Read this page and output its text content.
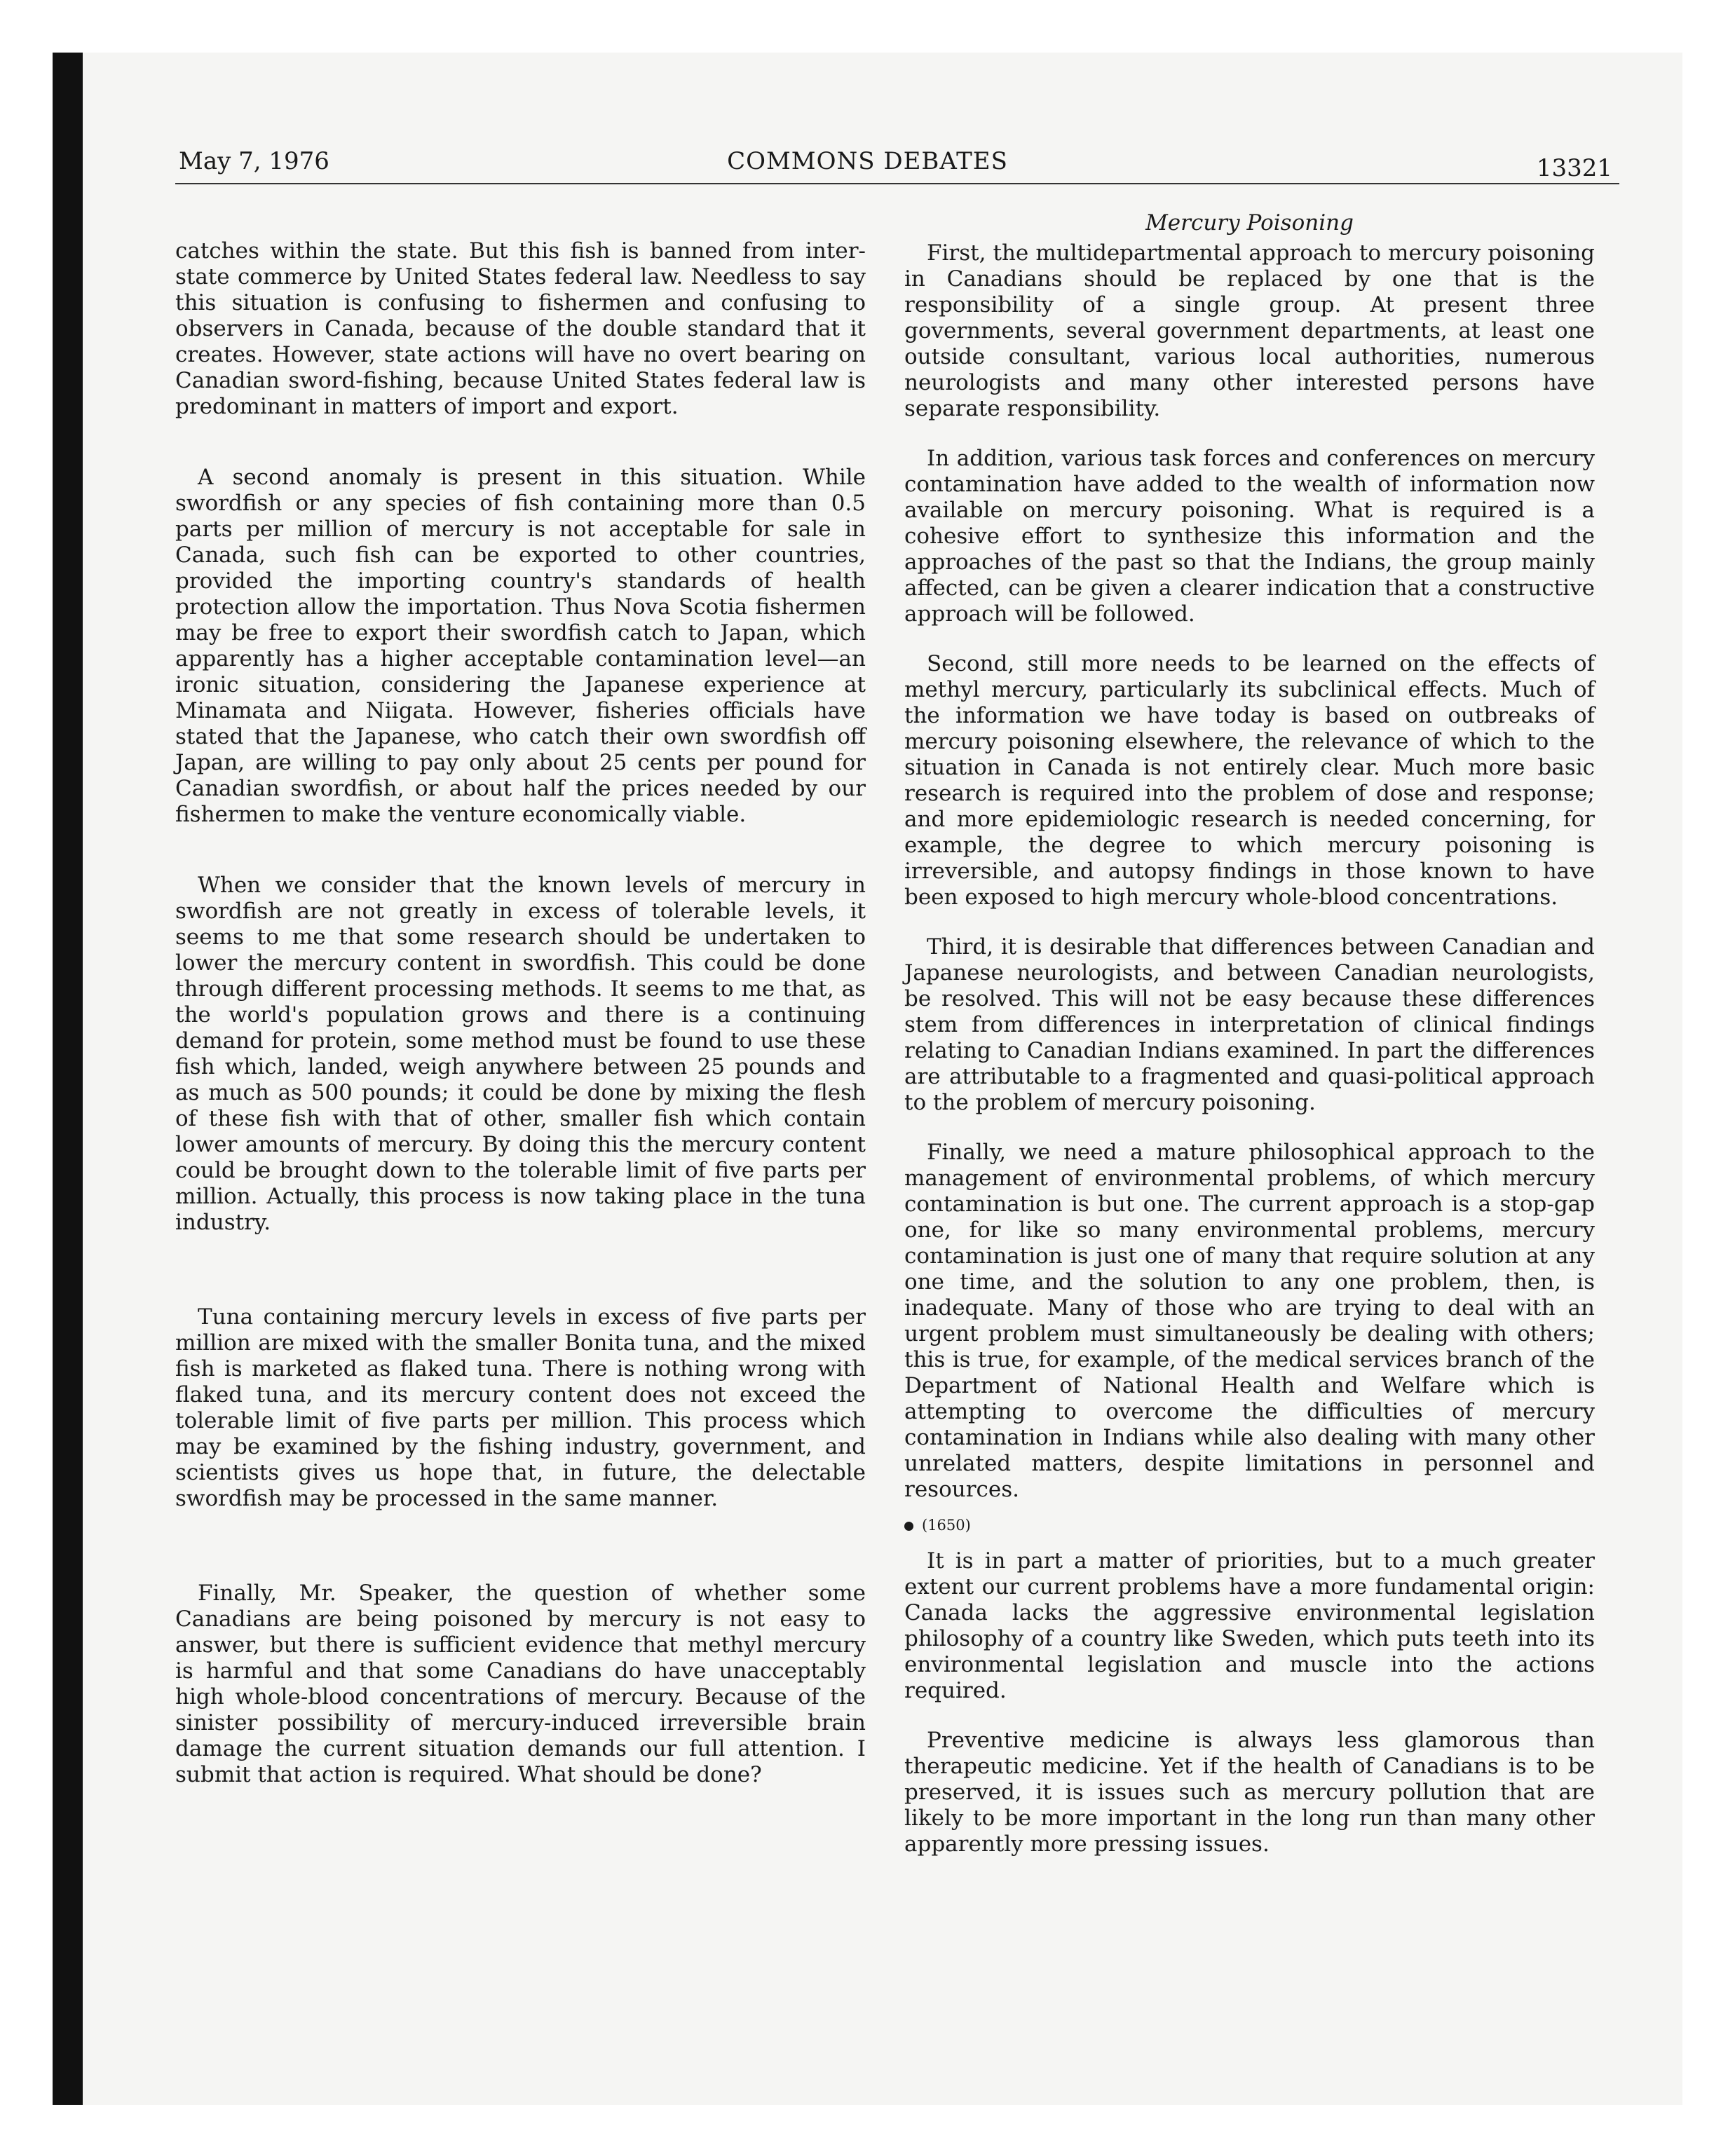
May 7, 1976	COMMONS DEBATES	13321

catches within the state. But this fish is banned from inter-state commerce by United States federal law. Needless to say this situation is confusing to fishermen and confusing to observers in Canada, because of the double standard that it creates. However, state actions will have no overt bearing on Canadian sword-fishing, because United States federal law is predominant in matters of import and export.

A second anomaly is present in this situation. While swordfish or any species of fish containing more than 0.5 parts per million of mercury is not acceptable for sale in Canada, such fish can be exported to other countries, provided the importing country's standards of health protection allow the importation. Thus Nova Scotia fishermen may be free to export their swordfish catch to Japan, which apparently has a higher acceptable contamination level—an ironic situation, considering the Japanese experience at Minamata and Niigata. However, fisheries officials have stated that the Japanese, who catch their own swordfish off Japan, are willing to pay only about 25 cents per pound for Canadian swordfish, or about half the prices needed by our fishermen to make the venture economically viable.

When we consider that the known levels of mercury in swordfish are not greatly in excess of tolerable levels, it seems to me that some research should be undertaken to lower the mercury content in swordfish. This could be done through different processing methods. It seems to me that, as the world's population grows and there is a continuing demand for protein, some method must be found to use these fish which, landed, weigh anywhere between 25 pounds and as much as 500 pounds; it could be done by mixing the flesh of these fish with that of other, smaller fish which contain lower amounts of mercury. By doing this the mercury content could be brought down to the tolerable limit of five parts per million. Actually, this process is now taking place in the tuna industry.

Tuna containing mercury levels in excess of five parts per million are mixed with the smaller Bonita tuna, and the mixed fish is marketed as flaked tuna. There is nothing wrong with flaked tuna, and its mercury content does not exceed the tolerable limit of five parts per million. This process which may be examined by the fishing industry, government, and scientists gives us hope that, in future, the delectable swordfish may be processed in the same manner.

Finally, Mr. Speaker, the question of whether some Canadians are being poisoned by mercury is not easy to answer, but there is sufficient evidence that methyl mercury is harmful and that some Canadians do have unacceptably high whole-blood concentrations of mercury. Because of the sinister possibility of mercury-induced irreversible brain damage the current situation demands our full attention. I submit that action is required. What should be done?

Mercury Poisoning

First, the multidepartmental approach to mercury poisoning in Canadians should be replaced by one that is the responsibility of a single group. At present three governments, several government departments, at least one outside consultant, various local authorities, numerous neurologists and many other interested persons have separate responsibility.

In addition, various task forces and conferences on mercury contamination have added to the wealth of information now available on mercury poisoning. What is required is a cohesive effort to synthesize this information and the approaches of the past so that the Indians, the group mainly affected, can be given a clearer indication that a constructive approach will be followed.

Second, still more needs to be learned on the effects of methyl mercury, particularly its subclinical effects. Much of the information we have today is based on outbreaks of mercury poisoning elsewhere, the relevance of which to the situation in Canada is not entirely clear. Much more basic research is required into the problem of dose and response; and more epidemiologic research is needed concerning, for example, the degree to which mercury poisoning is irreversible, and autopsy findings in those known to have been exposed to high mercury whole-blood concentrations.

Third, it is desirable that differences between Canadian and Japanese neurologists, and between Canadian neurologists, be resolved. This will not be easy because these differences stem from differences in interpretation of clinical findings relating to Canadian Indians examined. In part the differences are attributable to a fragmented and quasi-political approach to the problem of mercury poisoning.

Finally, we need a mature philosophical approach to the management of environmental problems, of which mercury contamination is but one. The current approach is a stop-gap one, for like so many environmental problems, mercury contamination is just one of many that require solution at any one time, and the solution to any one problem, then, is inadequate. Many of those who are trying to deal with an urgent problem must simultaneously be dealing with others; this is true, for example, of the medical services branch of the Department of National Health and Welfare which is attempting to overcome the difficulties of mercury contamination in Indians while also dealing with many other unrelated matters, despite limitations in personnel and resources.

(1650)

It is in part a matter of priorities, but to a much greater extent our current problems have a more fundamental origin: Canada lacks the aggressive environmental legislation philosophy of a country like Sweden, which puts teeth into its environmental legislation and muscle into the actions required.

Preventive medicine is always less glamorous than therapeutic medicine. Yet if the health of Canadians is to be preserved, it is issues such as mercury pollution that are likely to be more important in the long run than many other apparently more pressing issues.
